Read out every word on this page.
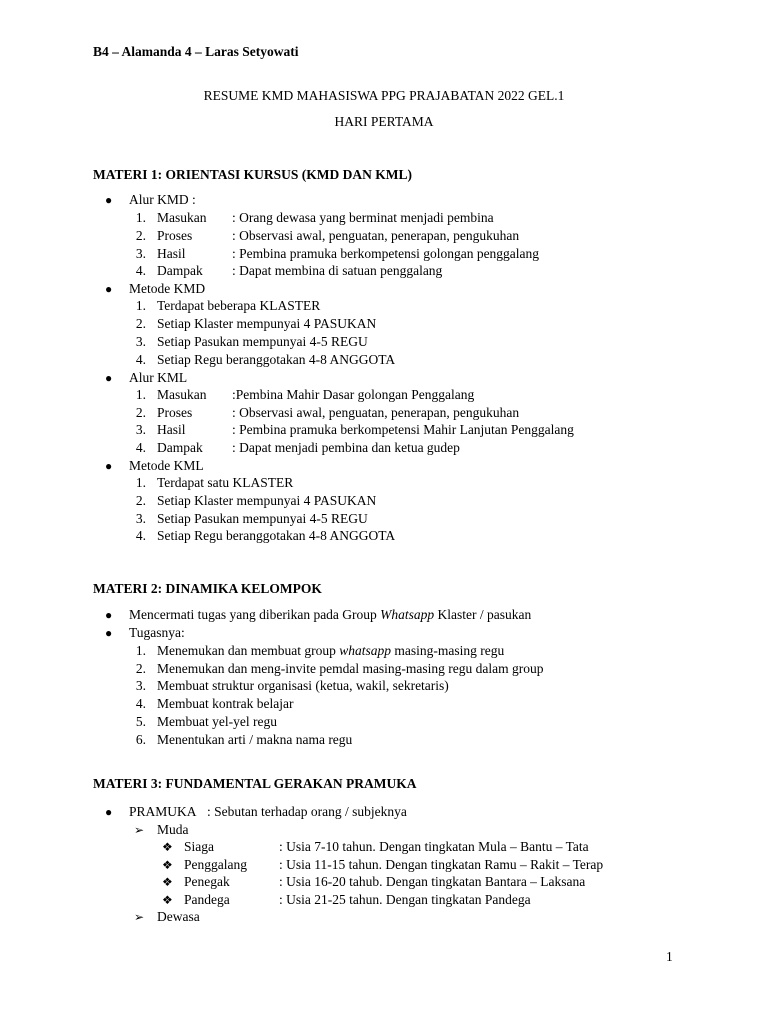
B4 – Alamanda 4 – Laras Setyowati
RESUME KMD MAHASISWA PPG PRAJABATAN 2022 GEL.1
HARI PERTAMA
MATERI 1: ORIENTASI KURSUS (KMD DAN KML)
● Alur KMD :
1. Masukan : Orang dewasa yang berminat menjadi pembina
2. Proses	: Observasi awal, penguatan, penerapan, pengukuhan
3. Hasil	: Pembina pramuka berkompetensi golongan penggalang
4. Dampak : Dapat membina di satuan penggalang
● Metode KMD
1. Terdapat beberapa KLASTER
2. Setiap Klaster mempunyai 4 PASUKAN
3. Setiap Pasukan mempunyai 4-5 REGU
4. Setiap Regu beranggotakan 4-8 ANGGOTA
● Alur KML
1. Masukan :Pembina Mahir Dasar golongan Penggalang
2. Proses	: Observasi awal, penguatan, penerapan, pengukuhan
3. Hasil	: Pembina pramuka berkompetensi Mahir Lanjutan Penggalang
4. Dampak : Dapat menjadi pembina dan ketua gudep
● Metode KML
1. Terdapat satu KLASTER
2. Setiap Klaster mempunyai 4 PASUKAN
3. Setiap Pasukan mempunyai 4-5 REGU
4. Setiap Regu beranggotakan 4-8 ANGGOTA
MATERI 2: DINAMIKA KELOMPOK
● Mencermati tugas yang diberikan pada Group Whatsapp Klaster / pasukan
● Tugasnya:
1. Menemukan dan membuat group whatsapp masing-masing regu
2. Menemukan dan meng-invite pemdal masing-masing regu dalam group
3. Membuat struktur organisasi (ketua, wakil, sekretaris)
4. Membuat kontrak belajar
5. Membuat yel-yel regu
6. Menentukan arti / makna nama regu
MATERI 3: FUNDAMENTAL GERAKAN PRAMUKA
● PRAMUKA : Sebutan terhadap orang / subjeknya
➢ Muda
❖ Siaga	: Usia 7-10 tahun. Dengan tingkatan Mula – Bantu – Tata
❖ Penggalang : Usia 11-15 tahun. Dengan tingkatan Ramu – Rakit – Terap
❖ Penegak	: Usia 16-20 tahub. Dengan tingkatan Bantara – Laksana
❖ Pandega	: Usia 21-25 tahun. Dengan tingkatan Pandega
➢ Dewasa
1
